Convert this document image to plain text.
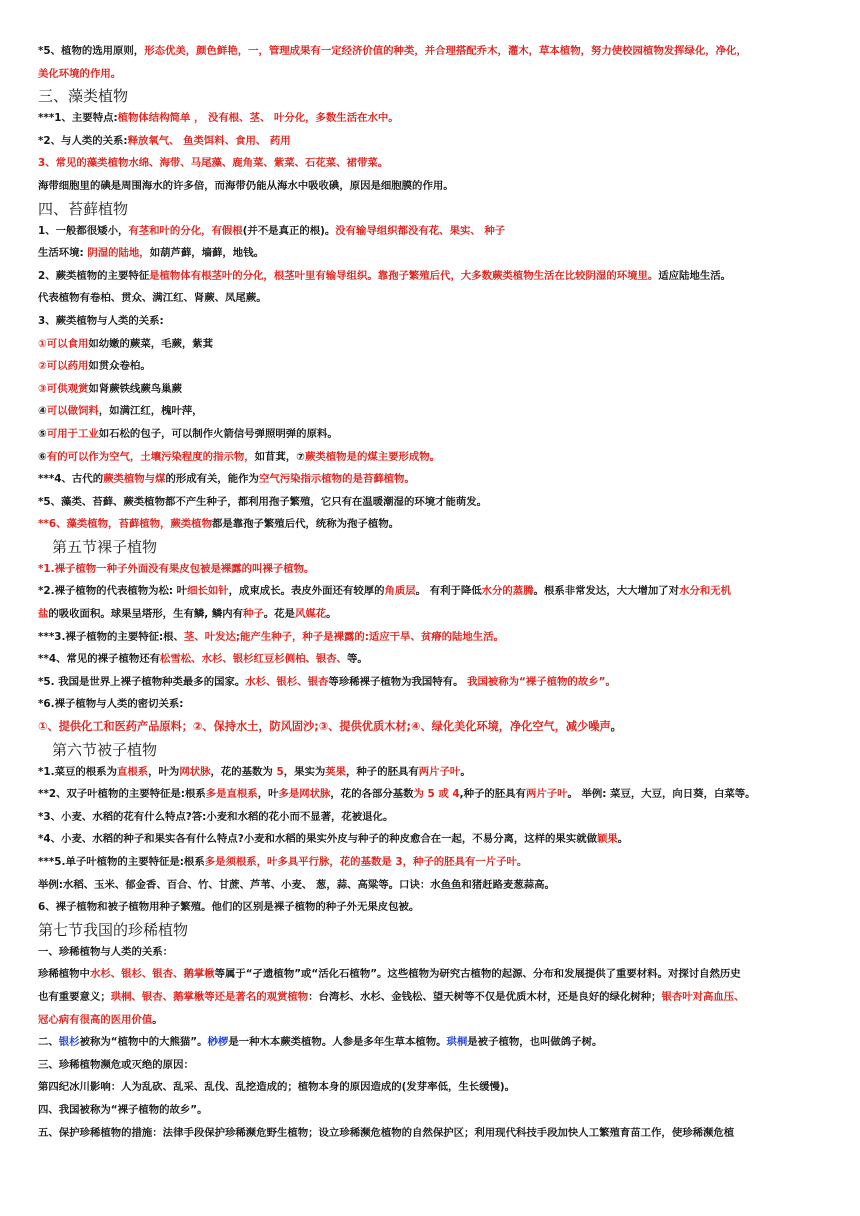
*5、植物的选用原则，形态优美，颜色鲜艳，一，管理成果有一定经济价值的种类，并合理搭配乔木，灌木，草本植物，努力使校园植物发挥绿化，净化，
美化环境的作用。
三、藻类植物
***1、主要特点:植物体结构简单 ， 没有根、茎、 叶分化，多数生活在水中。
*2、与人类的关系:释放氧气、 鱼类饵料、食用、 药用
3、常见的藻类植物水绵、海带、马尾藻、鹿角菜、紫菜、石花菜、裙带菜。
海带细胞里的碘是周围海水的许多倍，而海带仍能从海水中吸收碘，原因是细胞膜的作用。
四、苔藓植物
1、一般都很矮小，有茎和叶的分化，有假根(并不是真正的根)。没有输导组织都没有花、果实、 种子
生活环境: 阴湿的陆地，如葫芦藓，墙藓，地钱。
2、蕨类植物的主要特征是植物体有根茎叶的分化，根茎叶里有输导组织。靠孢子繁殖后代，大多数蕨类植物生活在比较阴湿的环境里。适应陆地生活。
代表植物有卷柏、贯众、满江红、肾蕨、凤尾蕨。
3、蕨类植物与人类的关系:
①可以食用如幼嫩的蕨菜，毛蕨，紫萁
②可以药用如贯众卷柏。
③可供观赏如肾蕨铁线蕨鸟巢蕨
④可以做饲料，如满江红，槐叶萍，
⑤可用于工业如石松的包子，可以制作火箭信号弹照明弹的原料。
⑥有的可以作为空气，土壤污染程度的指示物，如苜萁，⑦蕨类植物是的煤主要形成物。
***4、古代的蕨类植物与煤的形成有关，能作为空气污染指示植物的是苔藓植物。
*5、藻类、苔藓、蕨类植物都不产生种子，都利用孢子繁殖，它只有在温暖潮湿的环境才能萌发。
**6、藻类植物，苔藓植物，蕨类植物都是靠孢子繁殖后代，统称为孢子植物。
第五节裸子植物
*1.裸子植物一种子外面没有果皮包被是裸露的叫裸子植物。
*2.裸子植物的代表植物为松: 叶细长如针，成束成长。表皮外面还有较厚的角质层。 有利于降低水分的蒸腾。根系非常发达，大大增加了对水分和无机
盐的吸收面积。球果呈塔形，生有鳞, 鳞内有种子。花是风媒花。
***3.裸子植物的主要特征:根、茎、叶发达;能产生种子，种子是裸露的:适应干旱、贫瘠的陆地生活。
**4、常见的裸子植物还有松雪松、水杉、银杉红豆杉侧柏、银杏、等。
*5. 我国是世界上裸子植物种类最多的国家。水杉、银杉、银杏等珍稀裸子植物为我国特有。 我国被称为“裸子植物的故乡”。
*6.裸子植物与人类的密切关系:
①、提供化工和医药产品原料；②、保持水土，防风固沙;③、提供优质木材;④、绿化美化环境，净化空气，减少噪声。
第六节被子植物
*1.菜豆的根系为直根系，叶为网状脉，花的基数为 5，果实为荚果，种子的胚具有两片子叶。
**2、双子叶植物的主要特征是:根系多是直根系，叶多是网状脉，花的各部分基数为 5 或 4,种子的胚具有两片子叶。 举例: 菜豆，大豆，向日葵，白菜等。
*3、小麦、水稻的花有什么特点?答:小麦和水稻的花小而不显著，花被退化。
*4、小麦、水稻的种子和果实各有什么特点?小麦和水稻的果实外皮与种子的种皮愈合在一起，不易分离，这样的果实就做颖果。
***5.单子叶植物的主要特征是:根系多是须根系，叶多具平行脉，花的基数是 3，种子的胚具有一片子叶。
举例:水稻、玉米、郁金香、百合、竹、甘蔗、芦苇、小麦、 葱，蒜、高粱等。口诀：水鱼鱼和猪赶路麦葱蒜高。
6、裸子植物和被子植物用种子繁殖。他们的区别是裸子植物的种子外无果皮包被。
第七节我国的珍稀植物
一、珍稀植物与人类的关系：
珍稀植物中水杉、银杉、银杏、鹅掌楸等属于“孑遗植物”或“活化石植物”。这些植物为研究古植物的起源、分布和发展提供了重要材料。对探讨自然历史
也有重要意义；珙桐、银杏、鹅掌楸等还是著名的观赏植物：台湾杉、水杉、金钱松、望天树等不仅是优质木材，还是良好的绿化树种；银杏叶对高血压、
冠心病有很高的医用价值。
二、银杉被称为“植物中的大熊猫”。桫椤是一种木本蕨类植物。人参是多年生草本植物。珙桐是被子植物，也叫做鸽子树。
三、珍稀植物濒危或灭绝的原因：
第四纪冰川影响：人为乱砍、乱采、乱伐、乱挖造成的；植物本身的原因造成的(发芽率低，生长缓慢)。
四、我国被称为“裸子植物的故乡”。
五、保护珍稀植物的措施：法律手段保护珍稀濒危野生植物；设立珍稀濒危植物的自然保护区；利用现代科技手段加快人工繁殖育苗工作，使珍稀濒危植
